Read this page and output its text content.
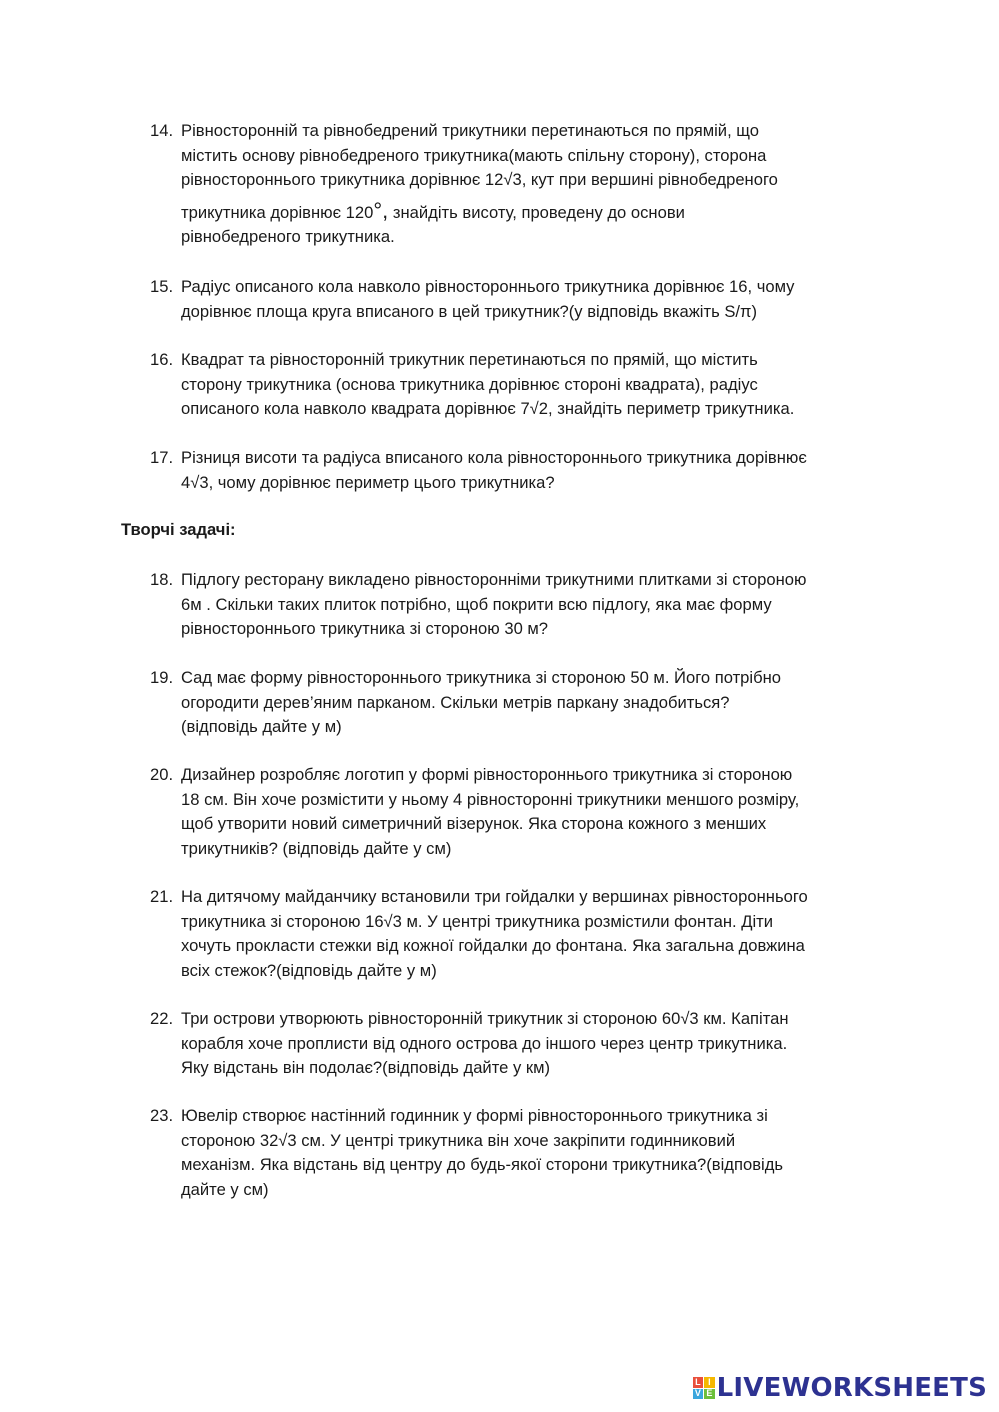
14. Рівносторонній та рівнобедрений трикутники перетинаються по прямій, що
містить основу рівнобедреного трикутника(мають спільну сторону), сторона
рівностороннього трикутника дорівнює 12√3, кут при вершині рівнобедреного
трикутника дорівнює 120°, знайдіть висоту, проведену до основи
рівнобедреного трикутника.
15. Радіус описаного кола навколо рівностороннього трикутника дорівнює 16, чому
дорівнює площа круга вписаного в цей трикутник?(у відповідь вкажіть S/π)
16. Квадрат та рівносторонній трикутник перетинаються по прямій, що містить
сторону трикутника (основа трикутника дорівнює стороні квадрата), радіус
описаного кола навколо квадрата дорівнює 7√2, знайдіть периметр трикутника.
17. Різниця висоти та радіуса вписаного кола рівностороннього трикутника дорівнює
4√3, чому дорівнює периметр цього трикутника?
Творчі задачі:
18. Підлогу ресторану викладено рівносторонніми трикутними плитками зі стороною
6м . Скільки таких плиток потрібно, щоб покрити всю підлогу, яка має форму
рівностороннього трикутника зі стороною 30 м?
19. Сад має форму рівностороннього трикутника зі стороною 50 м. Його потрібно
огородити дерев’яним парканом. Скільки метрів паркану знадобиться?
(відповідь дайте у м)
20. Дизайнер розробляє логотип у формі рівностороннього трикутника зі стороною
18 см. Він хоче розмістити у ньому 4 рівносторонні трикутники меншого розміру,
щоб утворити новий симетричний візерунок. Яка сторона кожного з менших
трикутників? (відповідь дайте у см)
21. На дитячому майданчику встановили три гойдалки у вершинах рівностороннього
трикутника зі стороною 16√3 м. У центрі трикутника розмістили фонтан. Діти
хочуть прокласти стежки від кожної гойдалки до фонтана. Яка загальна довжина
всіх стежок?(відповідь дайте у м)
22. Три острови утворюють рівносторонній трикутник зі стороною 60√3 км. Капітан
корабля хоче проплисти від одного острова до іншого через центр трикутника.
Яку відстань він подолає?(відповідь дайте у км)
23. Ювелір створює настінний годинник у формі рівностороннього трикутника зі
стороною 32√3 см. У центрі трикутника він хоче закріпити годинниковий
механізм. Яка відстань від центру до будь-якої сторони трикутника?(відповідь
дайте у см)
L I
V E LIVEWORKSHEETS
